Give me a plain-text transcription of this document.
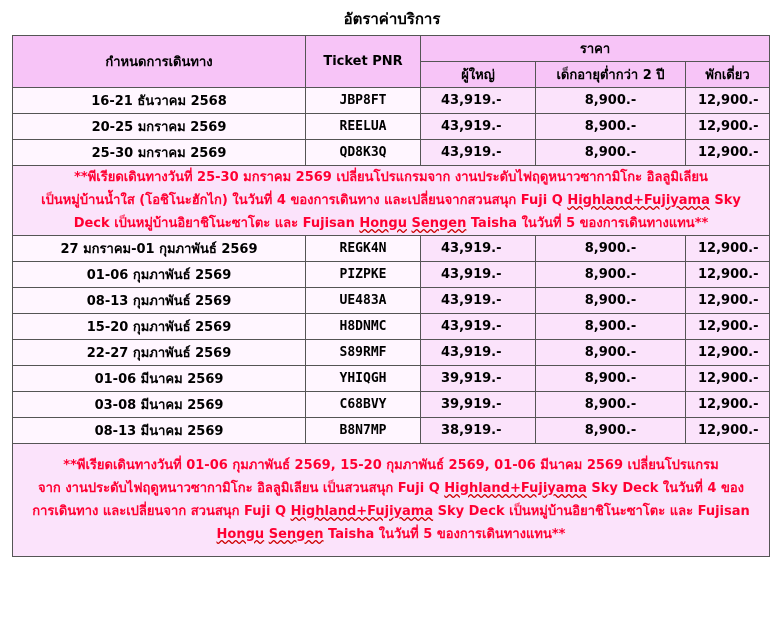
อัตราค่าบริการ
กำหนดการเดินทาง	Ticket PNR	ราคา		
		ผู้ใหญ่	เด็กอายุต่ำกว่า 2 ปี	พักเดี่ยว
16-21 ธันวาคม 2568	JBP8FT	43,919.-	8,900.-	12,900.-
20-25 มกราคม 2569	REELUA	43,919.-	8,900.-	12,900.-
25-30 มกราคม 2569	QD8K3Q	43,919.-	8,900.-	12,900.-

**พีเรียดเดินทางวันที่ 25-30 มกราคม 2569 เปลี่ยนโปรแกรมจาก งานประดับไฟฤดูหนาวซากามิโกะ อิลลูมิเลียน
เป็นหมู่บ้านน้ำใส (โอชิโนะฮักไก) ในวันที่ 4 ของการเดินทาง และเปลี่ยนจากสวนสนุก Fuji Q Highland+Fujiyama Sky
Deck เป็นหมู่บ้านอิยาชิโนะซาโตะ และ Fujisan Hongu Sengen Taisha ในวันที่ 5 ของการเดินทางแทน**				

27 มกราคม-01 กุมภาพันธ์ 2569	REGK4N	43,919.-	8,900.-	12,900.-
01-06 กุมภาพันธ์ 2569	PIZPKE	43,919.-	8,900.-	12,900.-
08-13 กุมภาพันธ์ 2569	UE483A	43,919.-	8,900.-	12,900.-
15-20 กุมภาพันธ์ 2569	H8DNMC	43,919.-	8,900.-	12,900.-
22-27 กุมภาพันธ์ 2569	S89RMF	43,919.-	8,900.-	12,900.-
01-06 มีนาคม 2569	YHIQGH	39,919.-	8,900.-	12,900.-
03-08 มีนาคม 2569	C68BVY	39,919.-	8,900.-	12,900.-
08-13 มีนาคม 2569	B8N7MP	38,919.-	8,900.-	12,900.-

**พีเรียดเดินทางวันที่ 01-06 กุมภาพันธ์ 2569, 15-20 กุมภาพันธ์ 2569, 01-06 มีนาคม 2569 เปลี่ยนโปรแกรม
จาก งานประดับไฟฤดูหนาวซากามิโกะ อิลลูมิเลียน เป็นสวนสนุก Fuji Q Highland+Fujiyama Sky Deck ในวันที่ 4 ของ
การเดินทาง และเปลี่ยนจาก สวนสนุก Fuji Q Highland+Fujiyama Sky Deck เป็นหมู่บ้านอิยาชิโนะซาโตะ และ Fujisan
Hongu Sengen Taisha ในวันที่ 5 ของการเดินทางแทน**				
